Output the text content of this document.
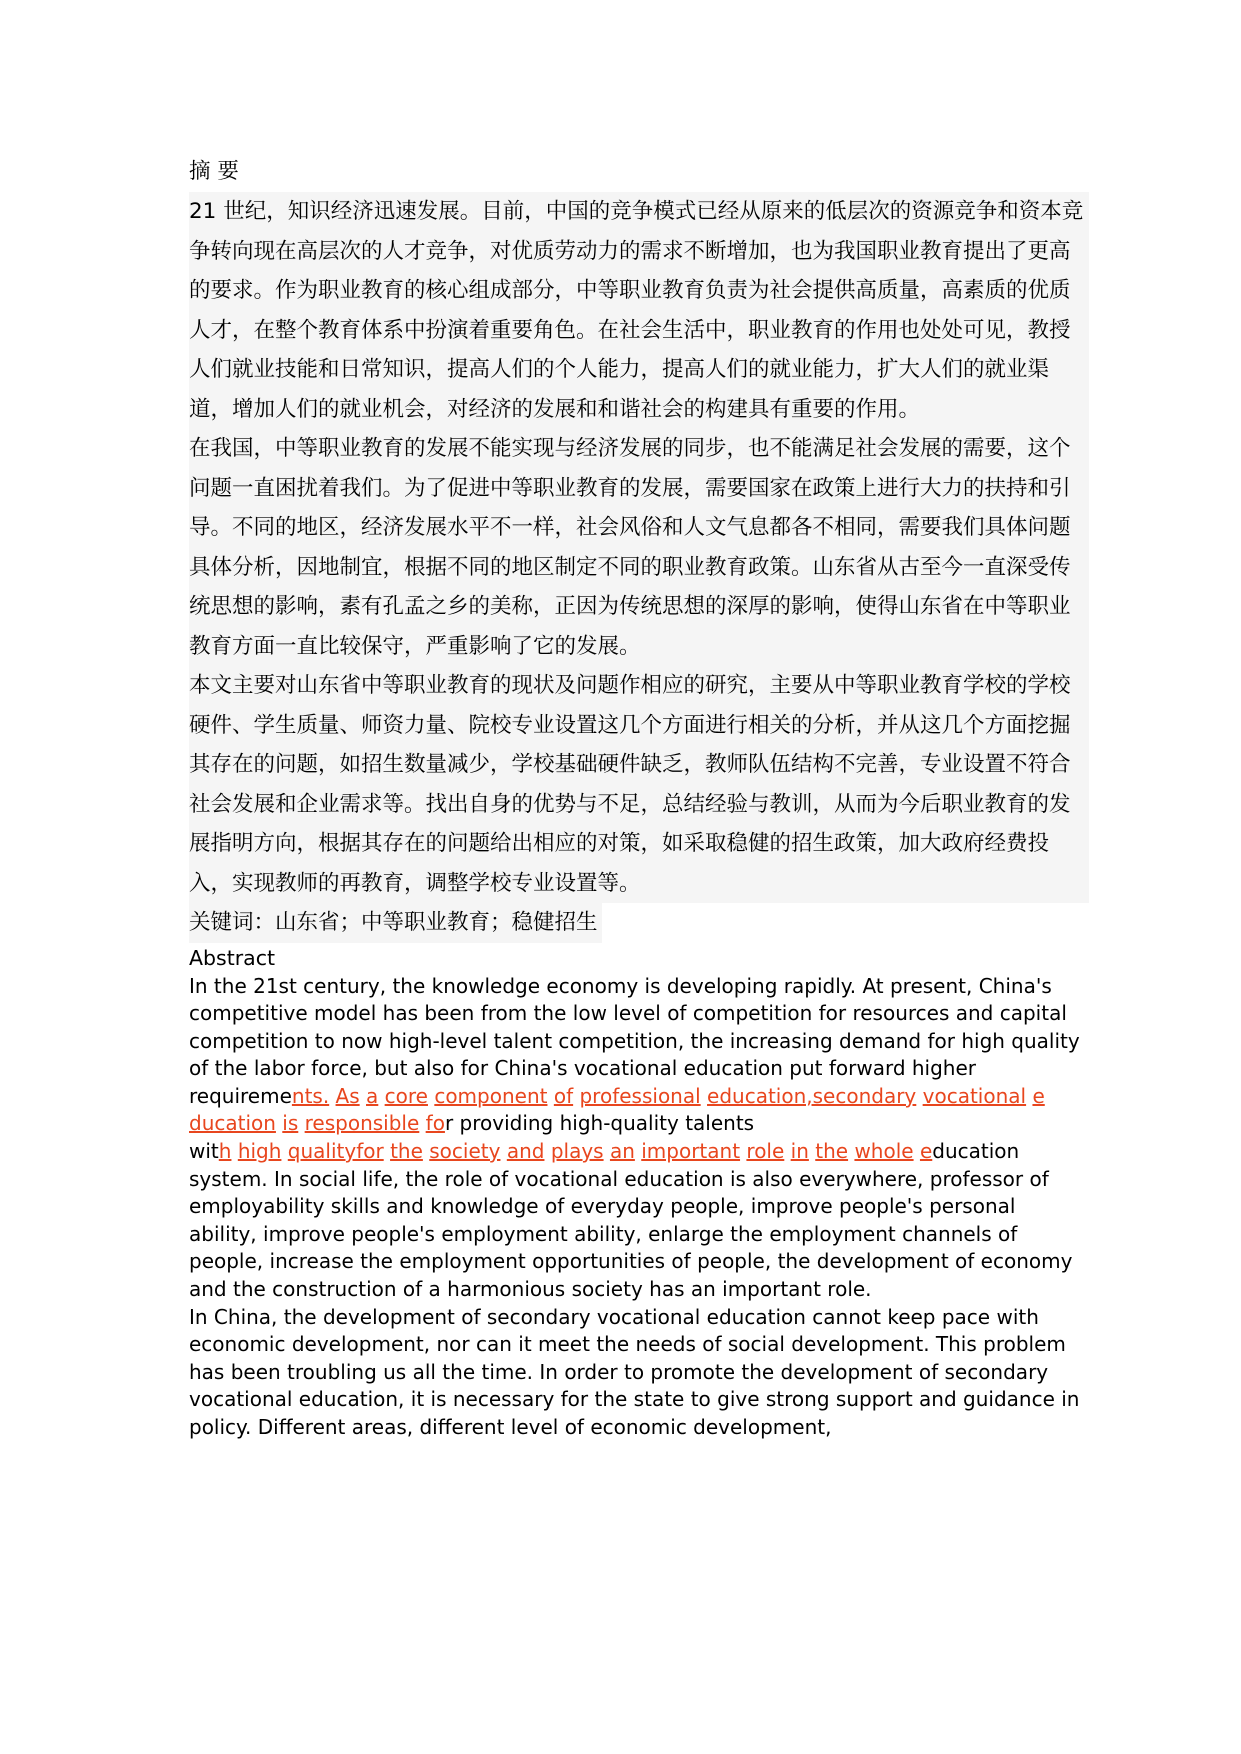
摘 要

21 世纪，知识经济迅速发展。目前，中国的竞争模式已经从原来的低层次的资源竞争和资本竞争转向现在高层次的人才竞争，对优质劳动力的需求不断增加，也为我国职业教育提出了更高的要求。作为职业教育的核心组成部分，中等职业教育负责为社会提供高质量，高素质的优质人才，在整个教育体系中扮演着重要角色。在社会生活中，职业教育的作用也处处可见，教授人们就业技能和日常知识，提高人们的个人能力，提高人们的就业能力，扩大人们的就业渠道，增加人们的就业机会，对经济的发展和和谐社会的构建具有重要的作用。

在我国，中等职业教育的发展不能实现与经济发展的同步，也不能满足社会发展的需要，这个问题一直困扰着我们。为了促进中等职业教育的发展，需要国家在政策上进行大力的扶持和引导。不同的地区，经济发展水平不一样，社会风俗和人文气息都各不相同，需要我们具体问题具体分析，因地制宜，根据不同的地区制定不同的职业教育政策。山东省从古至今一直深受传统思想的影响，素有孔孟之乡的美称，正因为传统思想的深厚的影响，使得山东省在中等职业教育方面一直比较保守，严重影响了它的发展。

本文主要对山东省中等职业教育的现状及问题作相应的研究，主要从中等职业教育学校的学校硬件、学生质量、师资力量、院校专业设置这几个方面进行相关的分析，并从这几个方面挖掘其存在的问题，如招生数量减少，学校基础硬件缺乏，教师队伍结构不完善，专业设置不符合社会发展和企业需求等。找出自身的优势与不足，总结经验与教训，从而为今后职业教育的发展指明方向，根据其存在的问题给出相应的对策，如采取稳健的招生政策，加大政府经费投入，实现教师的再教育，调整学校专业设置等。

关键词：山东省；中等职业教育；稳健招生

Abstract

In the 21st century, the knowledge economy is developing rapidly. At present, China's competitive model has been from the low level of competition for resources and capital competition to now high-level talent competition, the increasing demand for high quality of the labor force, but also for China's vocational education put forward higher

requirements. As a core component of professional education,secondary vocational e

ducation is responsible for providing high-quality talents

with high qualityfor the society and plays an important role in the whole education

system. In social life, the role of vocational education is also everywhere, professor of employability skills and knowledge of everyday people, improve people's personal ability, improve people's employment ability, enlarge the employment channels of people, increase the employment opportunities of people, the development of economy and the construction of a harmonious society has an important role.

In China, the development of secondary vocational education cannot keep pace with economic development, nor can it meet the needs of social development. This problem has been troubling us all the time. In order to promote the development of secondary vocational education, it is necessary for the state to give strong support and guidance in policy. Different areas, different level of economic development,
